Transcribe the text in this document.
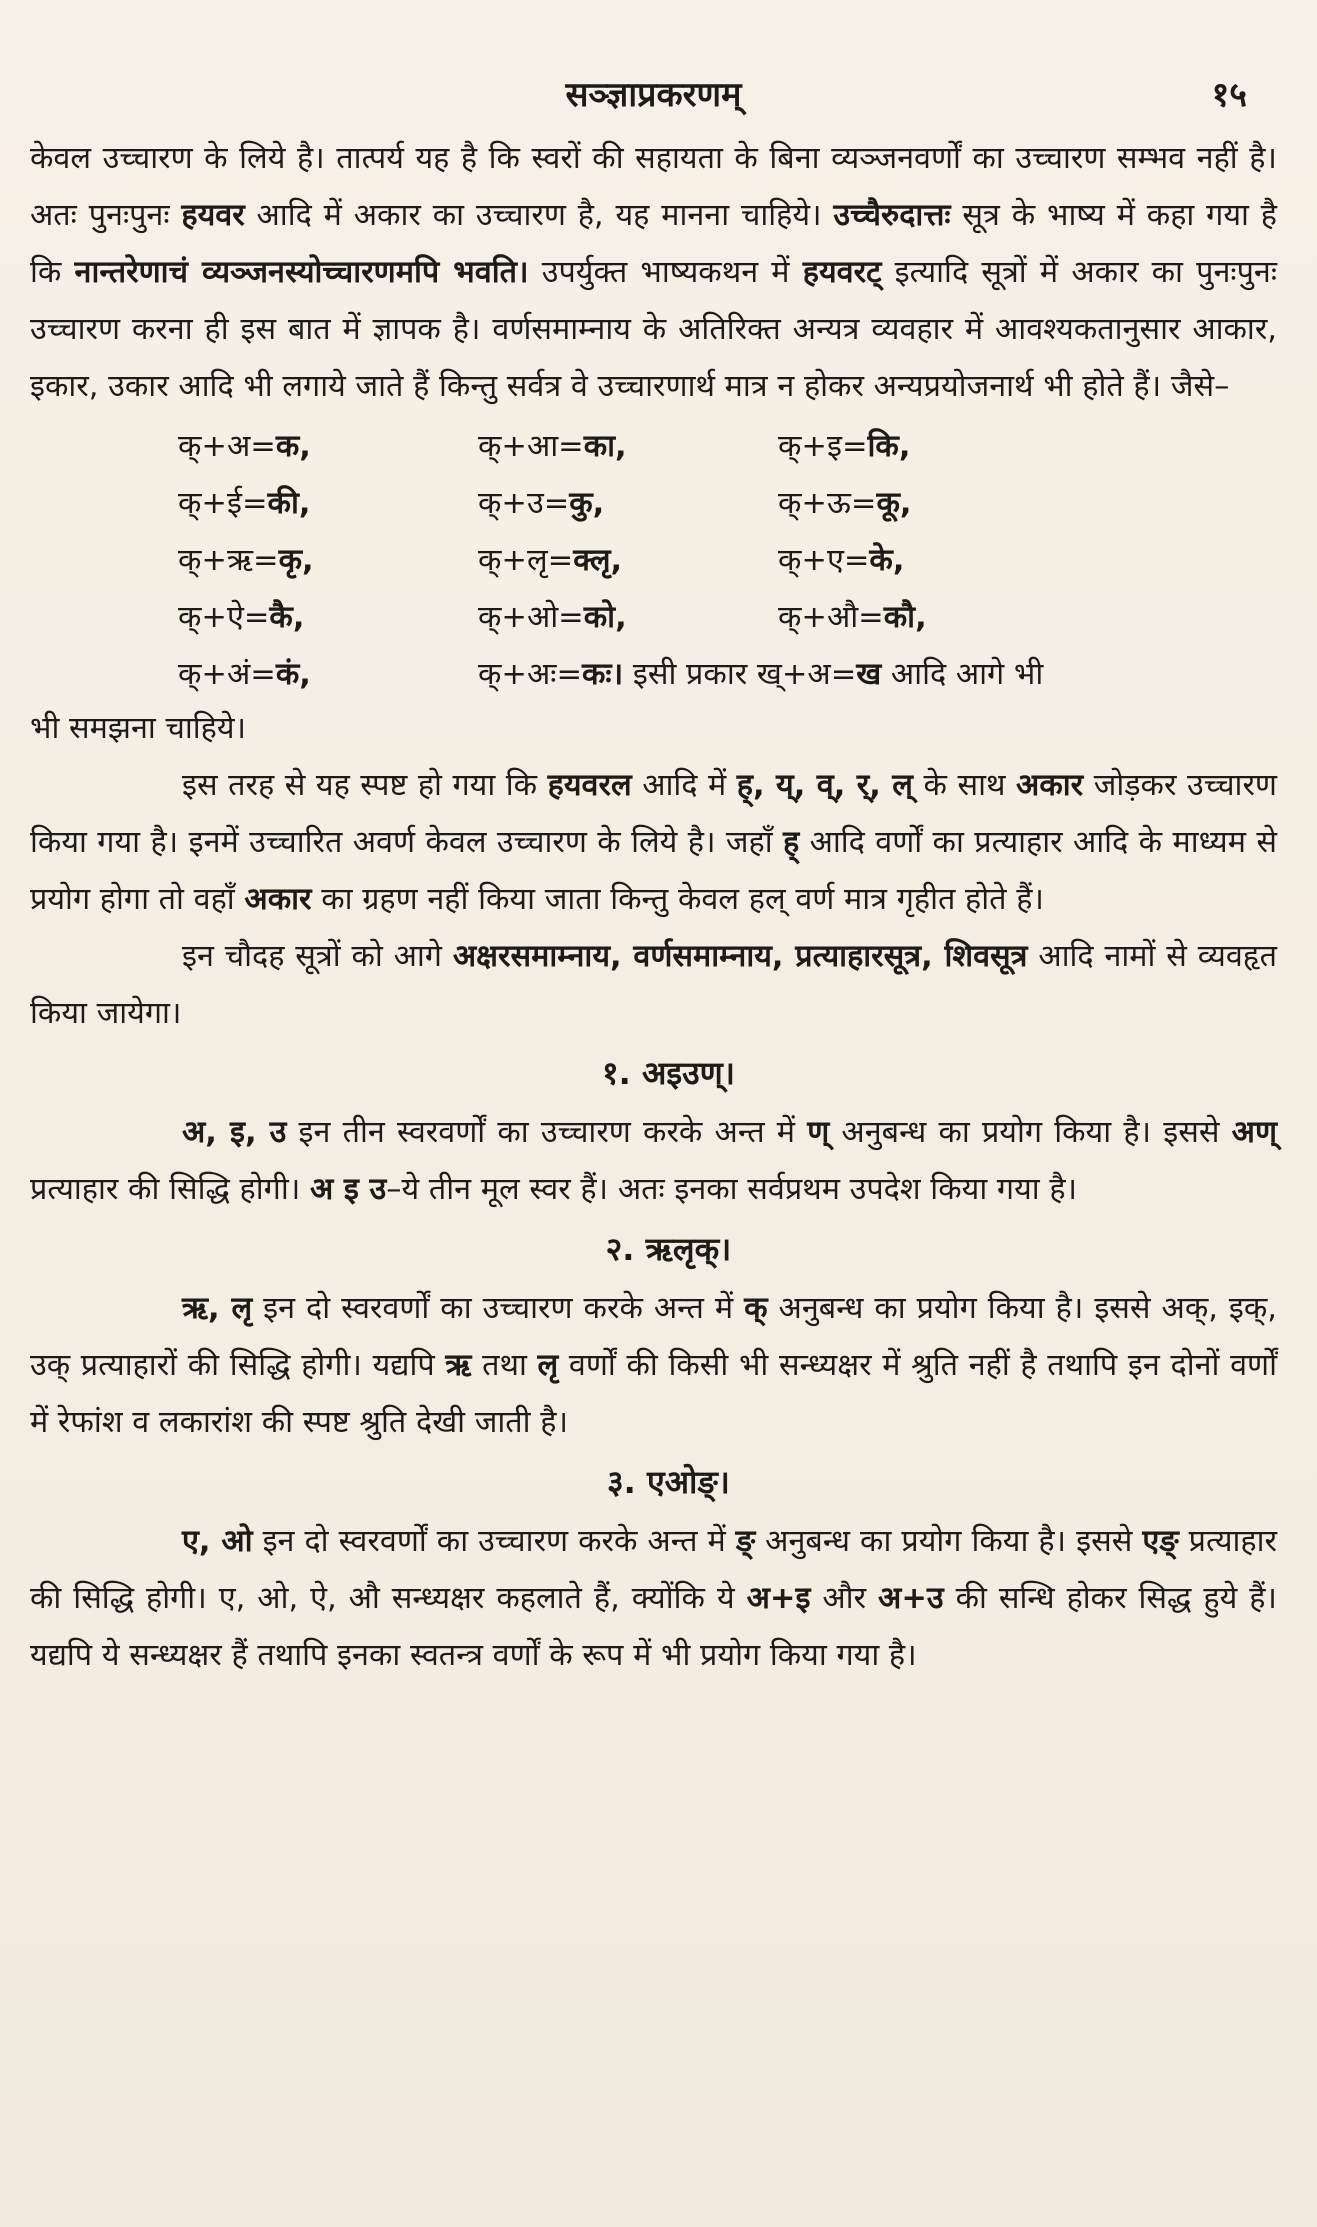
सञ्ज्ञाप्रकरणम्	१५

केवल उच्चारण के लिये है। तात्पर्य यह है कि स्वरों की सहायता के बिना व्यञ्जनवर्णों का उच्चारण सम्भव नहीं है। अतः पुनःपुनः हयवर आदि में अकार का उच्चारण है, यह मानना चाहिये। उच्चैरुदात्तः सूत्र के भाष्य में कहा गया है कि नान्तरेणाचं व्यञ्जनस्योच्चारणमपि भवति। उपर्युक्त भाष्यकथन में हयवरट् इत्यादि सूत्रों में अकार का पुनःपुनः उच्चारण करना ही इस बात में ज्ञापक है। वर्णसमाम्नाय के अतिरिक्त अन्यत्र व्यवहार में आवश्यकतानुसार आकार, इकार, उकार आदि भी लगाये जाते हैं किन्तु सर्वत्र वे उच्चारणार्थ मात्र न होकर अन्यप्रयोजनार्थ भी होते हैं। जैसे–

क्+अ=क,	क्+आ=का,	क्+इ=कि,
क्+ई=की,	क्+उ=कु,	क्+ऊ=कू,
क्+ऋ=कृ,	क्+लृ=क्लृ,	क्+ए=के,
क्+ऐ=कै,	क्+ओ=को,	क्+औ=कौ,
क्+अं=कं,	क्+अः=कः। इसी प्रकार ख्+अ=ख आदि आगे भी
भी समझना चाहिये।

इस तरह से यह स्पष्ट हो गया कि हयवरल आदि में ह्, य्, व्, र्, ल् के साथ अकार जोड़कर उच्चारण किया गया है। इनमें उच्चारित अवर्ण केवल उच्चारण के लिये है। जहाँ ह् आदि वर्णों का प्रत्याहार आदि के माध्यम से प्रयोग होगा तो वहाँ अकार का ग्रहण नहीं किया जाता किन्तु केवल हल् वर्ण मात्र गृहीत होते हैं।

इन चौदह सूत्रों को आगे अक्षरसमाम्नाय, वर्णसमाम्नाय, प्रत्याहारसूत्र, शिवसूत्र आदि नामों से व्यवहृत किया जायेगा।

१. अइउण्।

अ, इ, उ इन तीन स्वरवर्णों का उच्चारण करके अन्त में ण् अनुबन्ध का प्रयोग किया है। इससे अण् प्रत्याहार की सिद्धि होगी। अ इ उ–ये तीन मूल स्वर हैं। अतः इनका सर्वप्रथम उपदेश किया गया है।

२. ऋलृक्।

ऋ, लृ इन दो स्वरवर्णों का उच्चारण करके अन्त में क् अनुबन्ध का प्रयोग किया है। इससे अक्, इक्, उक् प्रत्याहारों की सिद्धि होगी। यद्यपि ऋ तथा लृ वर्णों की किसी भी सन्ध्यक्षर में श्रुति नहीं है तथापि इन दोनों वर्णों में रेफांश व लकारांश की स्पष्ट श्रुति देखी जाती है।

३. एओङ्।

ए, ओ इन दो स्वरवर्णों का उच्चारण करके अन्त में ङ् अनुबन्ध का प्रयोग किया है। इससे एङ् प्रत्याहार की सिद्धि होगी। ए, ओ, ऐ, औ सन्ध्यक्षर कहलाते हैं, क्योंकि ये अ+इ और अ+उ की सन्धि होकर सिद्ध हुये हैं। यद्यपि ये सन्ध्यक्षर हैं तथापि इनका स्वतन्त्र वर्णों के रूप में भी प्रयोग किया गया है।
